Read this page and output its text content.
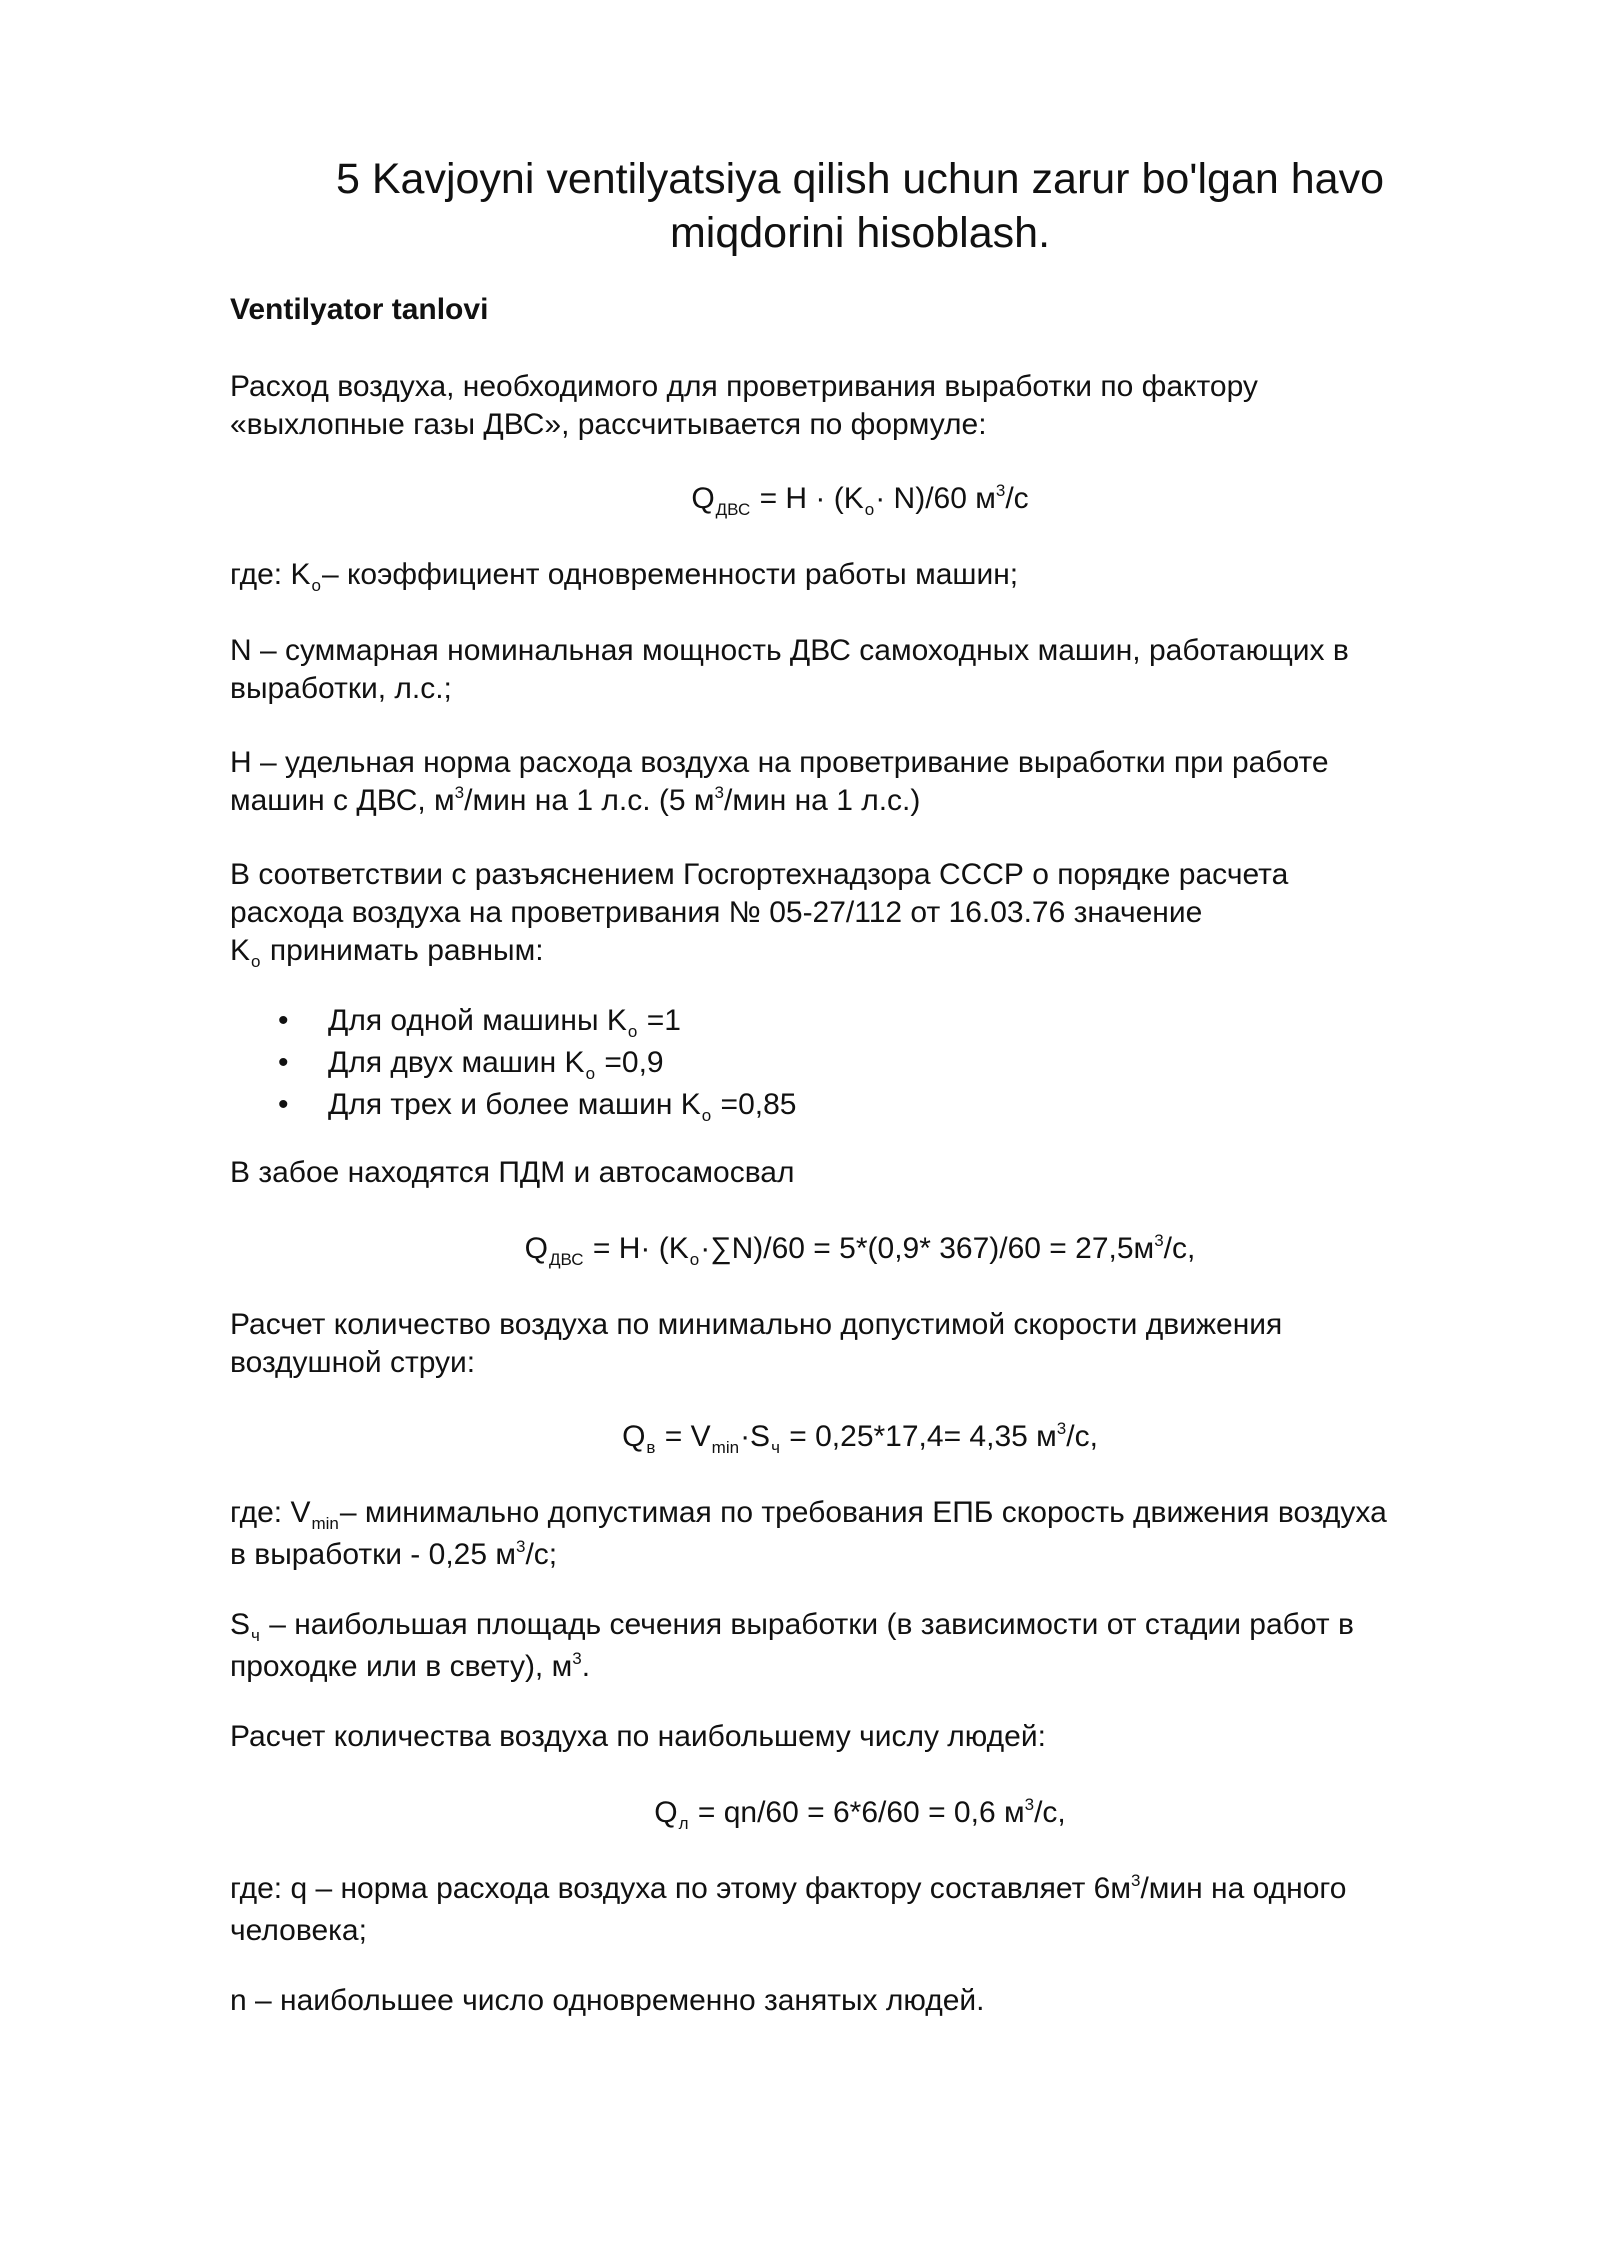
5 Kavjoyni ventilyatsiya qilish uchun zarur bo'lgan havo
miqdorini hisoblash.
Ventilyator tanlovi

Расход воздуха, необходимого для проветривания выработки по фактору
«выхлопные газы ДВС», рассчитывается по формуле:

$Q_{ДВС} = H \cdot (K_о\cdot N)/60$ $м^3/с$

где: $K_о-$ коэффициент одновременности работы машин;

N – суммарная номинальная мощность ДВС самоходных машин, работающих в
выработки, л.с.;

H – удельная норма расхода воздуха на проветривание выработки при работе
машин с ДВС, $м^3$/мин на 1 л.с. (5 $м^3$/мин на 1 л.с.)

В соответствии с разъяснением Госгортехнадзора СССР о порядке расчета
расхода воздуха на проветривания № 05-27/112 от 16.03.76 значение
$K_о$ принимать равным:

• Для одной машины $K_о =1$
• Для двух машин $K_о =0,9$
• Для трех и более машин $K_о =0,85$

В забое находятся ПДМ и автосамосвал

$Q_{ДВС} = H\cdot (K_о\cdot\sum N)/60 = 5*(0,9*$ $367)/60 = 27,5м^3/с$,

Расчет количество воздуха по минимально допустимой скорости движения
воздушной струи:

$Q_в = V_{min}\cdot S_ч = 0,25*17,4= 4,35$ $м^3/с$,

где: $V_{min}-$ минимально допустимая по требования ЕПБ скорость движения воздуха
в выработки - 0,25 $м^3/с$;

$S_ч$ – наибольшая площадь сечения выработки (в зависимости от стадии работ в
проходке или в свету), $м^3$.

Расчет количества воздуха по наибольшему числу людей:

$Q_л = qn/60 = 6*6/60 = 0,6$ $м^3/с$,

где: q – норма расхода воздуха по этому фактору составляет $6м^3$/мин на одного
человека;

n – наибольшее число одновременно занятых людей.
